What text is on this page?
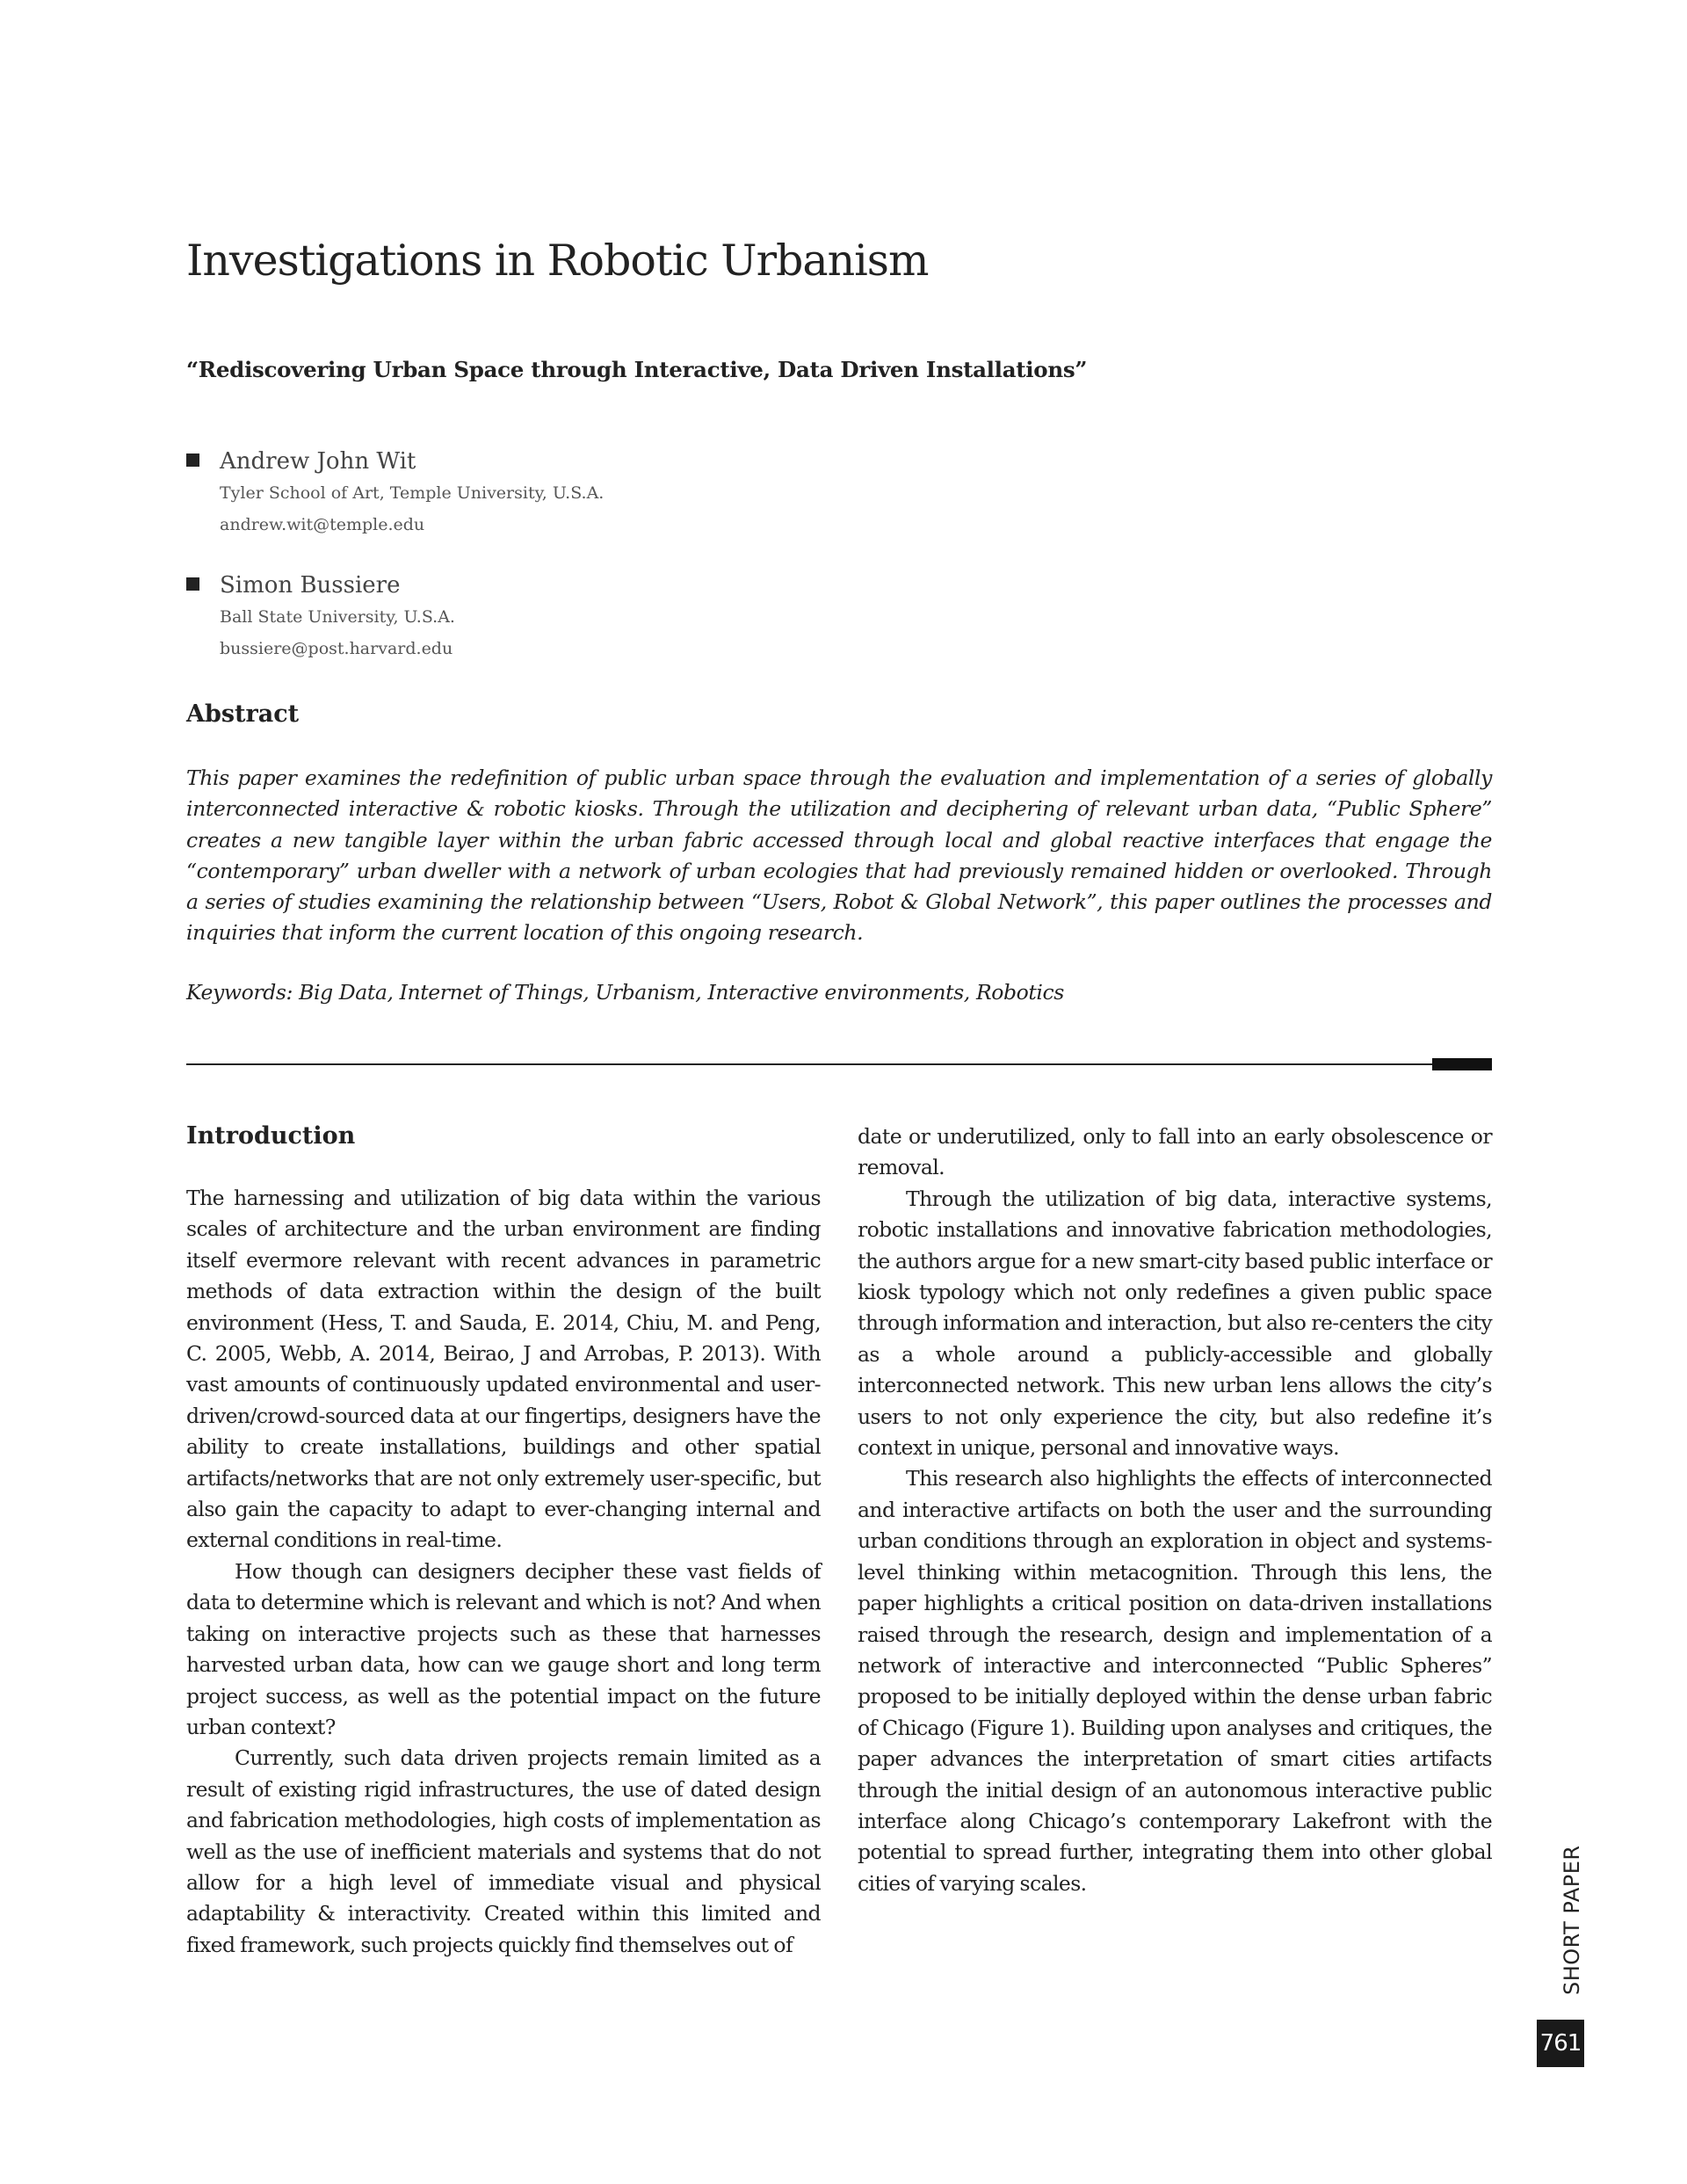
Investigations in Robotic Urbanism
“Rediscovering Urban Space through Interactive, Data Driven Installations”
Andrew John Wit
Tyler School of Art, Temple University, U.S.A.
andrew.wit@temple.edu
Simon Bussiere
Ball State University, U.S.A.
bussiere@post.harvard.edu
Abstract
This paper examines the redefinition of public urban space through the evaluation and implementation of a series of globally interconnected interactive & robotic kiosks. Through the utilization and deciphering of relevant urban data, “Public Sphere” creates a new tangible layer within the urban fabric accessed through local and global reactive interfaces that engage the “contemporary” urban dweller with a network of urban ecologies that had previously remained hidden or overlooked. Through a series of studies examining the relationship between “Users, Robot & Global Network”, this paper outlines the processes and inquiries that inform the current location of this ongoing research.
Keywords: Big Data, Internet of Things, Urbanism, Interactive environments, Robotics
Introduction

The harnessing and utilization of big data within the various scales of architecture and the urban environment are finding itself evermore relevant with recent advances in parametric methods of data extraction within the design of the built environment (Hess, T. and Sauda, E. 2014, Chiu, M. and Peng, C. 2005, Webb, A. 2014, Beirao, J and Arrobas, P. 2013). With vast amounts of continuously updated environmental and user-driven/crowd-sourced data at our fingertips, designers have the ability to create installations, buildings and other spatial artifacts/networks that are not only extremely user-specific, but also gain the capacity to adapt to ever-changing internal and external conditions in real-time.

How though can designers decipher these vast fields of data to determine which is relevant and which is not? And when taking on interactive projects such as these that harnesses harvested urban data, how can we gauge short and long term project success, as well as the potential impact on the future urban context?

Currently, such data driven projects remain limited as a result of existing rigid infrastructures, the use of dated design and fabrication methodologies, high costs of implementation as well as the use of inefficient materials and systems that do not allow for a high level of immediate visual and physical adaptability & interactivity. Created within this limited and fixed framework, such projects quickly find themselves out of

date or underutilized, only to fall into an early obsolescence or removal.

Through the utilization of big data, interactive systems, robotic installations and innovative fabrication methodologies, the authors argue for a new smart-city based public interface or kiosk typology which not only redefines a given public space through information and interaction, but also re-centers the city as a whole around a publicly-accessible and globally interconnected network. This new urban lens allows the city’s users to not only experience the city, but also redefine it’s context in unique, personal and innovative ways.

This research also highlights the effects of interconnected and interactive artifacts on both the user and the surrounding urban conditions through an exploration in object and systems-level thinking within metacognition. Through this lens, the paper highlights a critical position on data-driven installations raised through the research, design and implementation of a network of interactive and interconnected “Public Spheres” proposed to be initially deployed within the dense urban fabric of Chicago (Figure 1). Building upon analyses and critiques, the paper advances the interpretation of smart cities artifacts through the initial design of an autonomous interactive public interface along Chicago’s contemporary Lakefront with the potential to spread further, integrating them into other global cities of varying scales.	SHORT PAPER
761
